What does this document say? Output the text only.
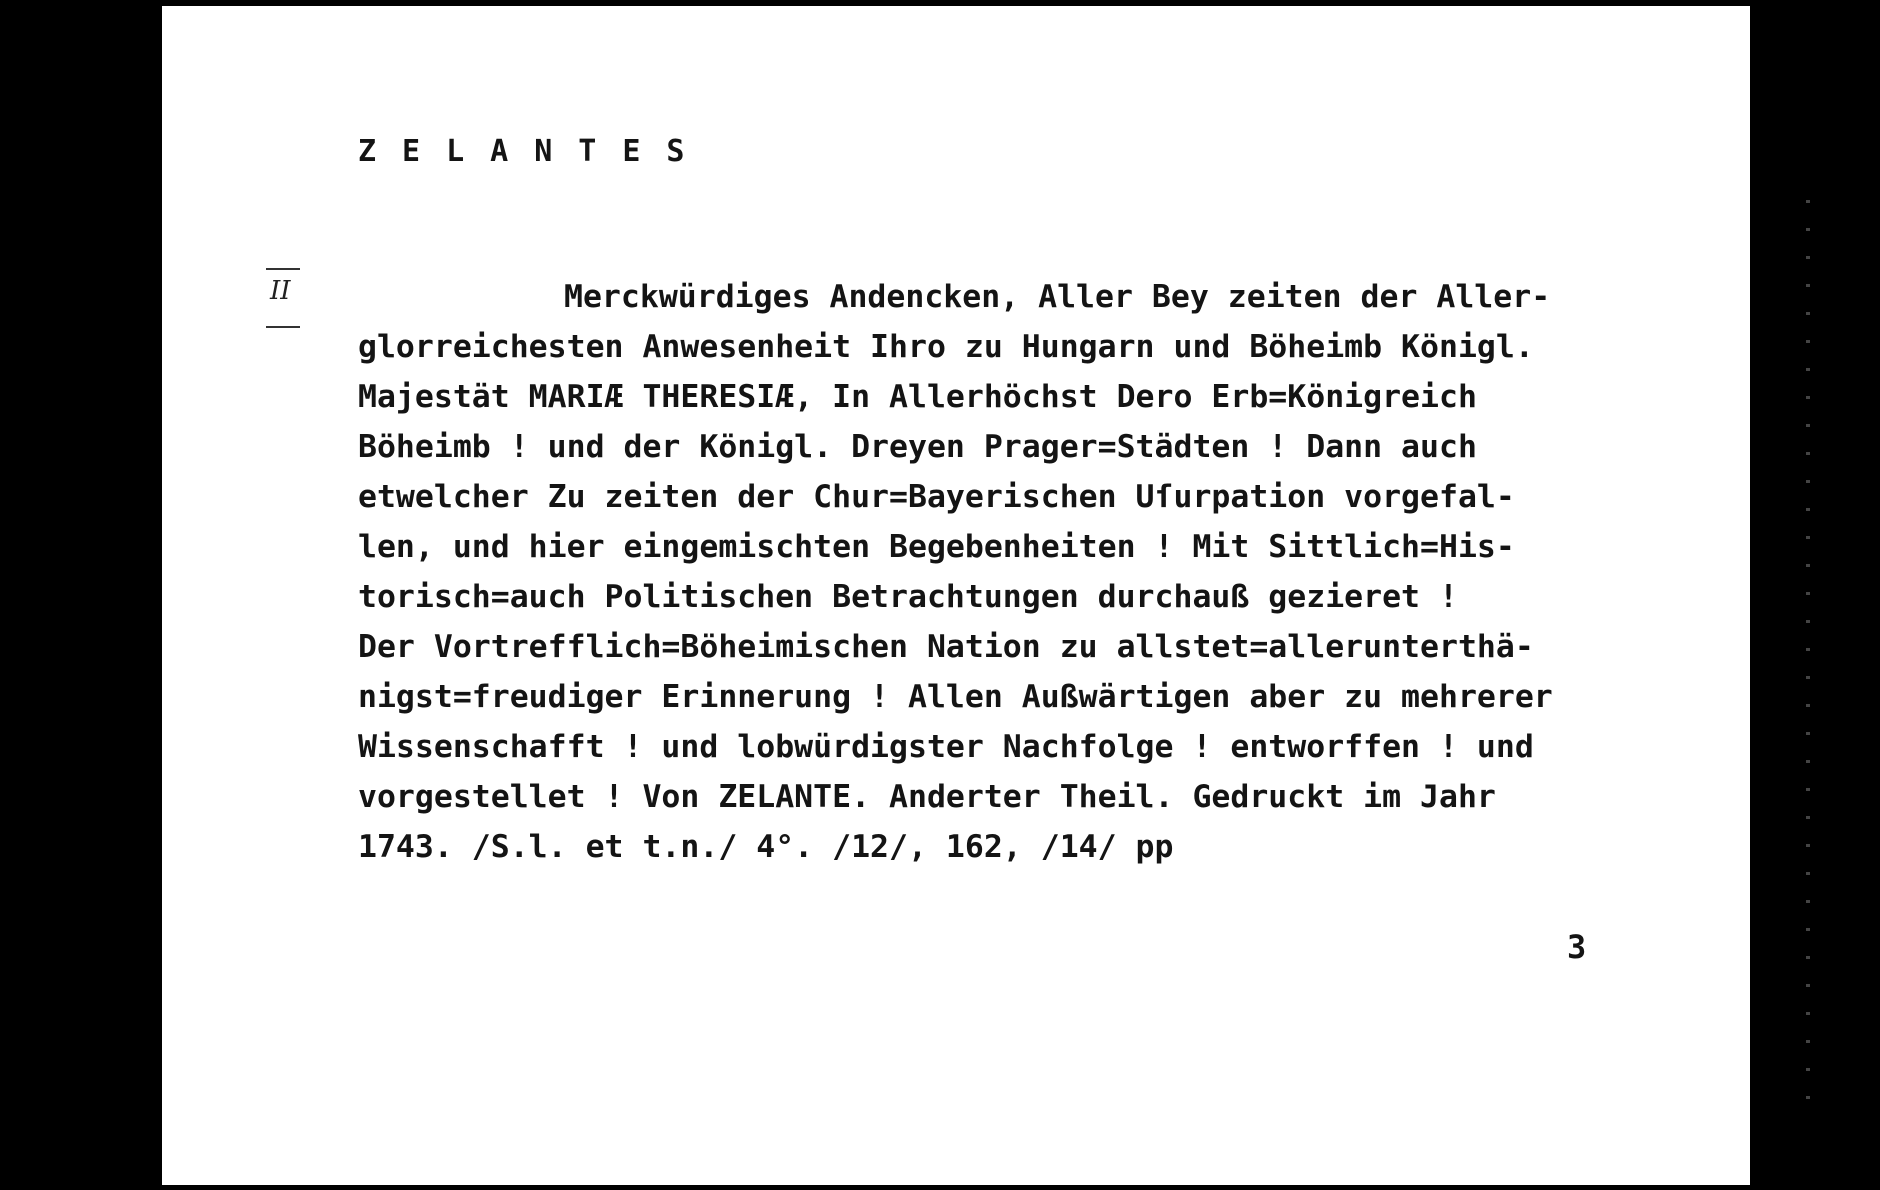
ZELANTES
II	Merckwürdiges Andencken, Aller Bey zeiten der Aller-
glorreichesten Anwesenheit Ihro zu Hungarn und Böheimb Königl.
Majestät MARIÆ THERESIÆ, In Allerhöchst Dero Erb=Königreich
Böheimb ! und der Königl. Dreyen Prager=Städten ! Dann auch
etwelcher Zu zeiten der Chur=Bayerischen Uſurpation vorgefal-
len, und hier eingemischten Begebenheiten ! Mit Sittlich=His-
torisch=auch Politischen Betrachtungen durchauß gezieret !
Der Vortrefflich=Böheimischen Nation zu allstet=allerunterthä-
nigst=freudiger Erinnerung ! Allen Außwärtigen aber zu mehrerer
Wissenschafft ! und lobwürdigster Nachfolge ! entworffen ! und
vorgestellet ! Von ZELANTE. Anderter Theil. Gedruckt im Jahr
1743. /S.l. et t.n./ 4°. /12/, 162, /14/ pp
3
